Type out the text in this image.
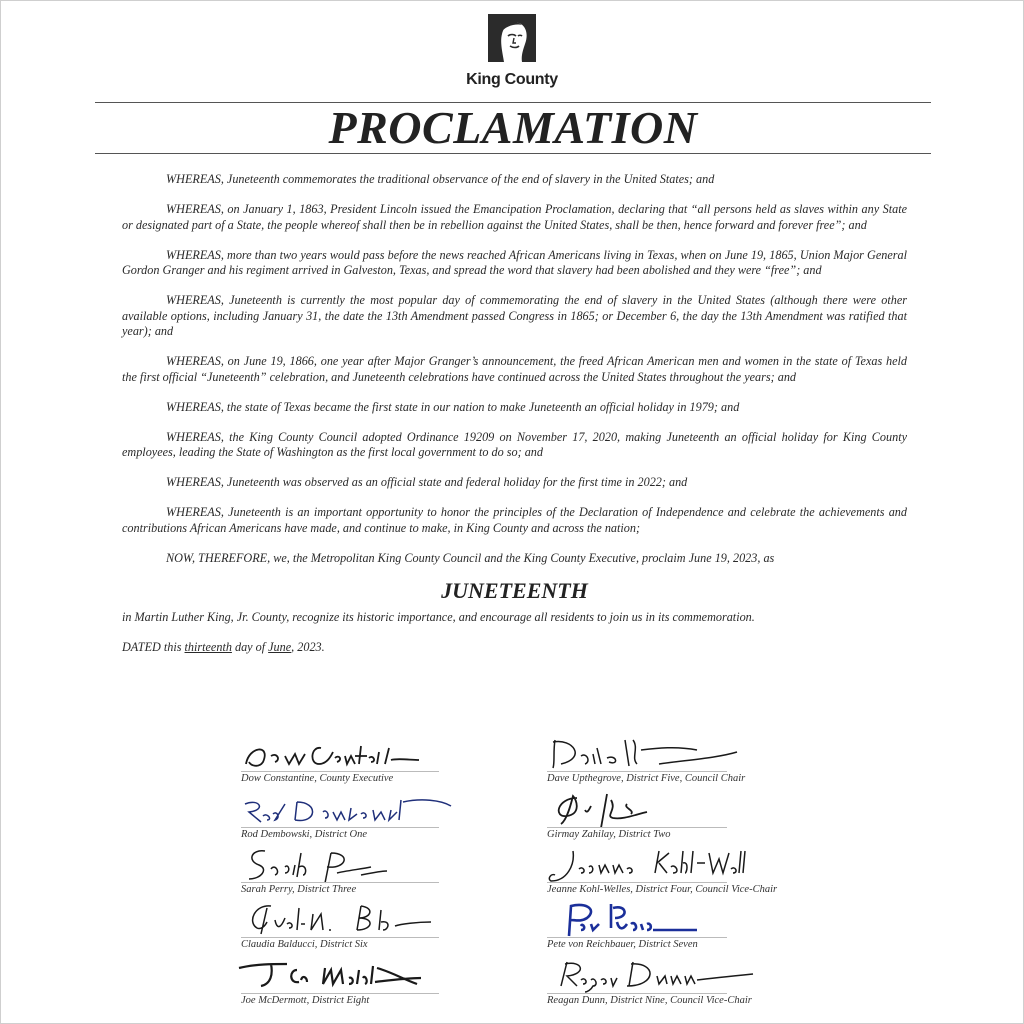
King County
PROCLAMATION

WHEREAS, Juneteenth commemorates the traditional observance of the end of slavery in the United States; and

WHEREAS, on January 1, 1863, President Lincoln issued the Emancipation Proclamation, declaring that “all persons held as slaves within any State or designated part of a State, the people whereof shall then be in rebellion against the United States, shall be then, hence forward and forever free”; and

WHEREAS, more than two years would pass before the news reached African Americans living in Texas, when on June 19, 1865, Union Major General Gordon Granger and his regiment arrived in Galveston, Texas, and spread the word that slavery had been abolished and they were “free”; and

WHEREAS, Juneteenth is currently the most popular day of commemorating the end of slavery in the United States (although there were other available options, including January 31, the date the 13th Amendment passed Congress in 1865; or December 6, the day the 13th Amendment was ratified that year); and

WHEREAS, on June 19, 1866, one year after Major Granger’s announcement, the freed African American men and women in the state of Texas held the first official “Juneteenth” celebration, and Juneteenth celebrations have continued across the United States throughout the years; and

WHEREAS, the state of Texas became the first state in our nation to make Juneteenth an official holiday in 1979; and

WHEREAS, the King County Council adopted Ordinance 19209 on November 17, 2020, making Juneteenth an official holiday for King County employees, leading the State of Washington as the first local government to do so; and

WHEREAS, Juneteenth was observed as an official state and federal holiday for the first time in 2022; and

WHEREAS, Juneteenth is an important opportunity to honor the principles of the Declaration of Independence and celebrate the achievements and contributions African Americans have made, and continue to make, in King County and across the nation;

NOW, THEREFORE, we, the Metropolitan King County Council and the King County Executive, proclaim June 19, 2023, as

JUNETEENTH

in Martin Luther King, Jr. County, recognize its historic importance, and encourage all residents to join us in its commemoration.

DATED this thirteenth day of June, 2023.

Dow Constantine, County Executive	Dave Upthegrove, District Five, Council Chair
Rod Dembowski, District One	Girmay Zahilay, District Two
Sarah Perry, District Three	Jeanne Kohl-Welles, District Four, Council Vice-Chair
Claudia Balducci, District Six	Pete von Reichbauer, District Seven
Joe McDermott, District Eight	Reagan Dunn, District Nine, Council Vice-Chair
